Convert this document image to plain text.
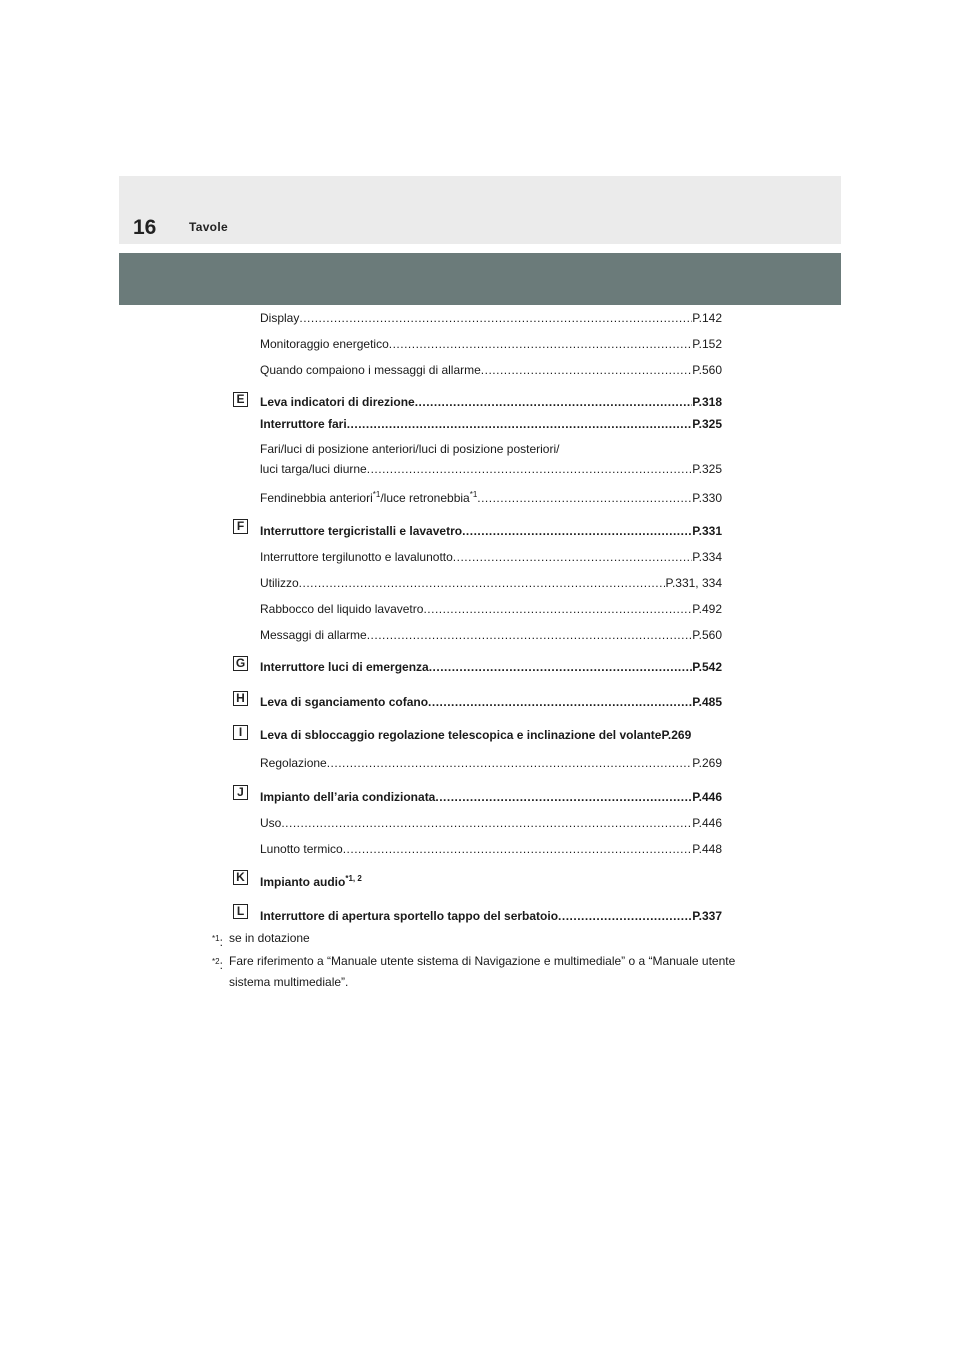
16	Tavole
Display .....	P.142
Monitoraggio energetico .....	P.152
Quando compaiono i messaggi di allarme .....	P.560
E Leva indicatori di direzione .....	P.318
Interruttore fari .....	P.325
Fari/luci di posizione anteriori/luci di posizione posteriori/
luci targa/luci diurne .....	P.325
Fendinebbia anteriori$^{*1}$/luce retronebbia$^{*1}$ .....	P.330
F	Interruttore tergicristalli e lavavetro .....	P.331
Interruttore tergilunotto e lavalunotto .....	P.334
Utilizzo .....	P.331, 334
Rabbocco del liquido lavavetro .....	P.492
Messaggi di allarme .....	P.560
G Interruttore luci di emergenza .....	P.542
H Leva di sganciamento cofano .....	P.485
I	Leva di sbloccaggio regolazione telescopica e inclinazione del volante P.269
Regolazione .....	P.269
J	Impianto dell’aria condizionata .....	P.446
Uso .....	P.446
Lunotto termico .....	P.448
K Impianto audio$^{*1, 2}$
L	Interruttore di apertura sportello tappo del serbatoio .....	P.337
$^{*1}$: se in dotazione
$^{*2}$: Fare riferimento a “Manuale utente sistema di Navigazione e multimediale” o a “Manuale utente sistema multimediale”.
